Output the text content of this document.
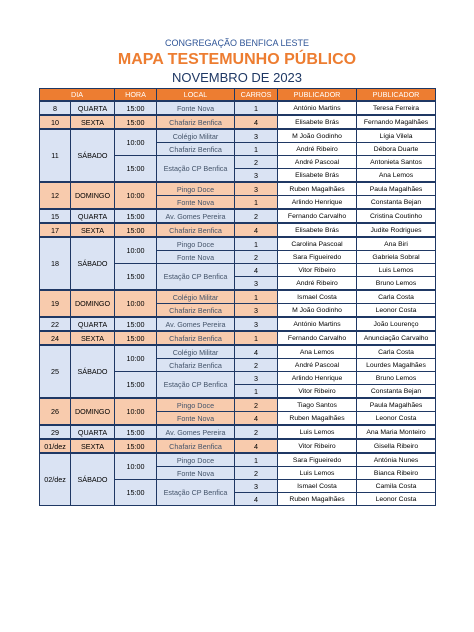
CONGREGAÇÃO BENFICA LESTE
MAPA TESTEMUNHO PÚBLICO
NOVEMBRO DE 2023
DIA		HORA	LOCAL	CARROS	PUBLICADOR	PUBLICADOR
8	QUARTA	15:00	Fonte Nova	1	António Martins	Teresa Ferreira
10	SEXTA	15:00	Chafariz Benfica	4	Elisabete Brás	Fernando Magalhães
11	SÁBADO	10:00	Colégio Militar	3	M João Godinho	Lígia Vilela
			Chafariz Benfica	1	André Ribeiro	Débora Duarte
		15:00	Estação CP Benfica	2	André Pascoal	Antonieta Santos
				3	Elisabete Brás	Ana Lemos
12	DOMINGO	10:00	Pingo Doce	3	Ruben Magalhães	Paula Magalhães
			Fonte Nova	1	Arlindo Henrique	Constanta Bejan
15	QUARTA	15:00	Av. Gomes Pereira	2	Fernando Carvalho	Cristina Coutinho
17	SEXTA	15:00	Chafariz Benfica	4	Elisabete Brás	Judite Rodrigues
18	SÁBADO	10:00	Pingo Doce	1	Carolina Pascoal	Ana Biri
			Fonte Nova	2	Sara Figueiredo	Gabriela Sobral
		15:00	Estação CP Benfica	4	Vitor Ribeiro	Luis Lemos
				3	André Ribeiro	Bruno Lemos
19	DOMINGO	10:00	Colégio Militar	1	Ismael Costa	Carla Costa
			Chafariz Benfica	3	M João Godinho	Leonor Costa
22	QUARTA	15:00	Av. Gomes Pereira	3	António Martins	João Lourenço
24	SEXTA	15:00	Chafariz Benfica	1	Fernando Carvalho	Anunciação Carvalho
25	SÁBADO	10:00	Colégio Militar	4	Ana Lemos	Carla Costa
			Chafariz Benfica	2	André Pascoal	Lourdes Magalhães
		15:00	Estação CP Benfica	3	Arlindo Henrique	Bruno Lemos
				1	Vitor Ribeiro	Constanta Bejan
26	DOMINGO	10:00	Pingo Doce	2	Tiago Santos	Paula Magalhães
			Fonte Nova	4	Ruben Magalhães	Leonor Costa
29	QUARTA	15:00	Av. Gomes Pereira	2	Luis Lemos	Ana Maria Monteiro
01/dez	SEXTA	15:00	Chafariz Benfica	4	Vitor Ribeiro	Gisella Ribeiro
02/dez	SÁBADO	10:00	Pingo Doce	1	Sara Figueiredo	Antónia Nunes
			Fonte Nova	2	Luis Lemos	Bianca Ribeiro
		15:00	Estação CP Benfica	3	Ismael Costa	Camila Costa
				4	Ruben Magalhães	Leonor Costa
